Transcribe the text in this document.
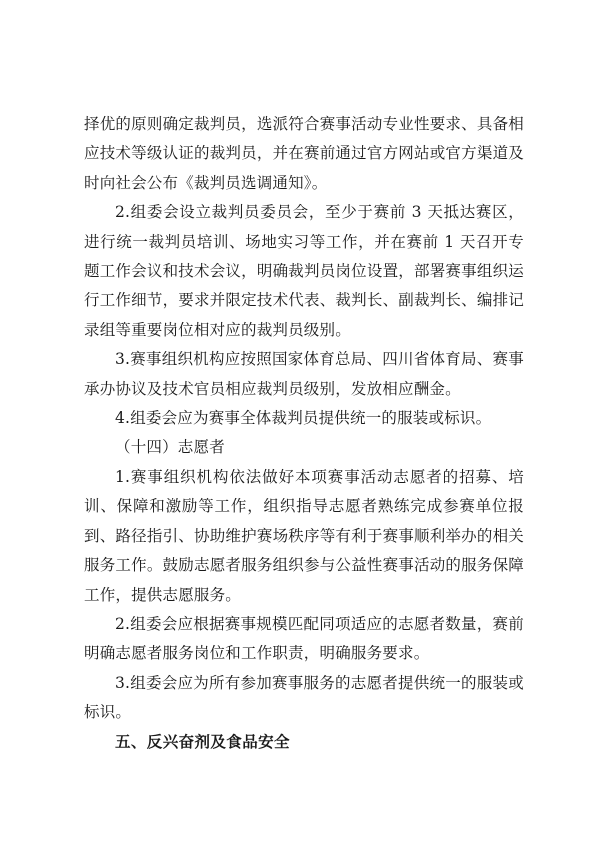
择优的原则确定裁判员，选派符合赛事活动专业性要求、具备相应技术等级认证的裁判员，并在赛前通过官方网站或官方渠道及时向社会公布《裁判员选调通知》。

2.组委会设立裁判员委员会，至少于赛前 3 天抵达赛区，进行统一裁判员培训、场地实习等工作，并在赛前 1 天召开专题工作会议和技术会议，明确裁判员岗位设置，部署赛事组织运行工作细节，要求并限定技术代表、裁判长、副裁判长、编排记录组等重要岗位相对应的裁判员级别。

3.赛事组织机构应按照国家体育总局、四川省体育局、赛事承办协议及技术官员相应裁判员级别，发放相应酬金。

4.组委会应为赛事全体裁判员提供统一的服装或标识。

（十四）志愿者

1.赛事组织机构依法做好本项赛事活动志愿者的招募、培训、保障和激励等工作，组织指导志愿者熟练完成参赛单位报到、路径指引、协助维护赛场秩序等有利于赛事顺利举办的相关服务工作。鼓励志愿者服务组织参与公益性赛事活动的服务保障工作，提供志愿服务。

2.组委会应根据赛事规模匹配同项适应的志愿者数量，赛前明确志愿者服务岗位和工作职责，明确服务要求。

3.组委会应为所有参加赛事服务的志愿者提供统一的服装或标识。

五、反兴奋剂及食品安全
